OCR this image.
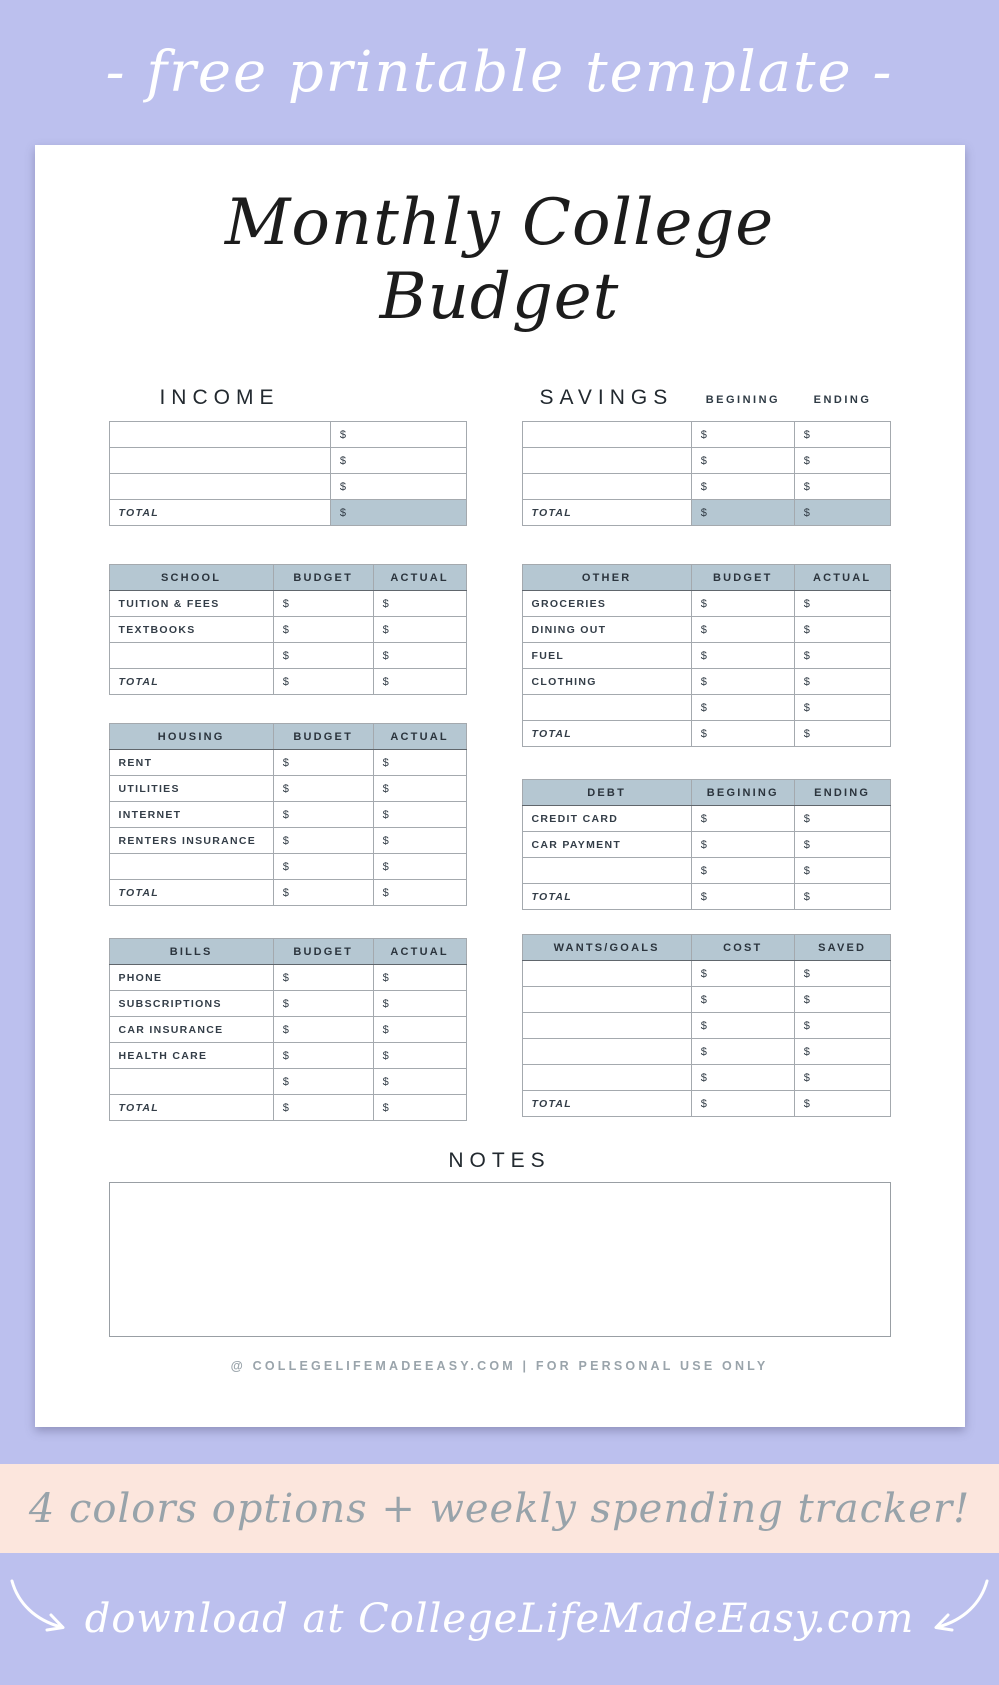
- free printable template -
Monthly College Budget
INCOME
	$
	$
	$
TOTAL	$
SCHOOL	BUDGET	ACTUAL
TUITION & FEES	$	$
TEXTBOOKS	$	$
	$	$
TOTAL	$	$
HOUSING	BUDGET	ACTUAL
RENT	$	$
UTILITIES	$	$
INTERNET	$	$
RENTERS INSURANCE	$	$
	$	$
TOTAL	$	$
BILLS	BUDGET	ACTUAL
PHONE	$	$
SUBSCRIPTIONS	$	$
CAR INSURANCE	$	$
HEALTH CARE	$	$
	$	$
TOTAL	$	$
SAVINGS	BEGINING	ENDING
	$	$
	$	$
	$	$
TOTAL	$	$
OTHER	BUDGET	ACTUAL
GROCERIES	$	$
DINING OUT	$	$
FUEL	$	$
CLOTHING	$	$
	$	$
TOTAL	$	$
DEBT	BEGINING	ENDING
CREDIT CARD	$	$
CAR PAYMENT	$	$
	$	$
TOTAL	$	$
WANTS/GOALS	COST	SAVED
	$	$
	$	$
	$	$
	$	$
	$	$
TOTAL	$	$
NOTES
@ COLLEGELIFEMADEEASY.COM | FOR PERSONAL USE ONLY
4 colors options + weekly spending tracker!
download at CollegeLifeMadeEasy.com
